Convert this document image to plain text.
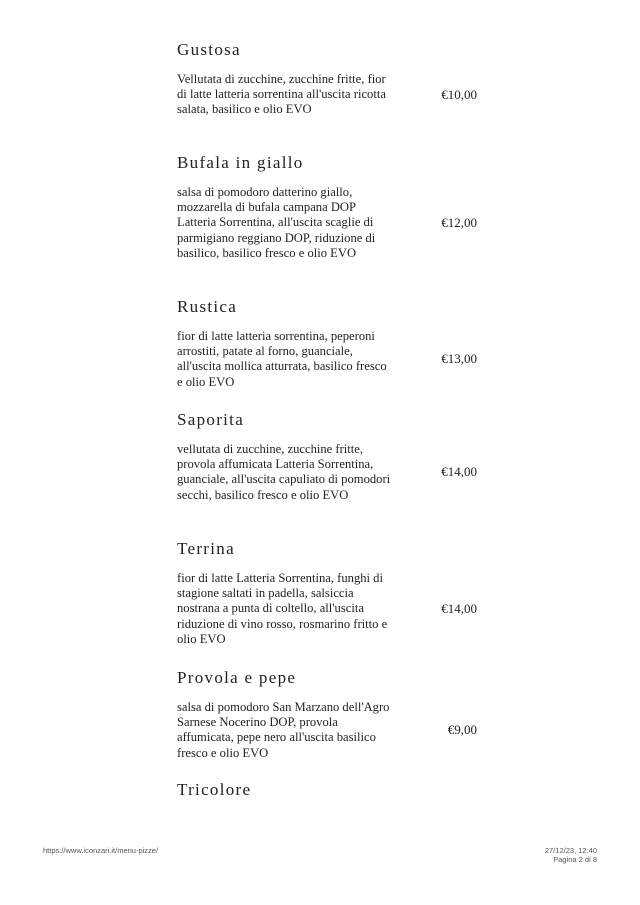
Gustosa
Vellutata di zucchine, zucchine fritte, fior di latte latteria sorrentina all'uscita ricotta salata, basilico e olio EVO
€10,00
Bufala in giallo
salsa di pomodoro datterino giallo, mozzarella di bufala campana DOP Latteria Sorrentina, all'uscita scaglie di parmigiano reggiano DOP, riduzione di basilico, basilico fresco e olio EVO
€12,00
Rustica
fior di latte latteria sorrentina, peperoni arrostiti, patate al forno, guanciale, all'uscita mollica atturrata, basilico fresco e olio EVO
€13,00
Saporita
vellutata di zucchine, zucchine fritte, provola affumicata Latteria Sorrentina, guanciale, all'uscita capuliato di pomodori secchi, basilico fresco e olio EVO
€14,00
Terrina
fior di latte Latteria Sorrentina, funghi di stagione saltati in padella, salsiccia nostrana a punta di coltello, all'uscita riduzione di vino rosso, rosmarino fritto e olio EVO
€14,00
Provola e pepe
salsa di pomodoro San Marzano dell'Agro Sarnese Nocerino DOP, provola affumicata, pepe nero all'uscita basilico fresco e olio EVO
€9,00
Tricolore
https://www.iconzari.it/menu-pizze/	27/12/23, 12:40
Pagina 2 di 8
